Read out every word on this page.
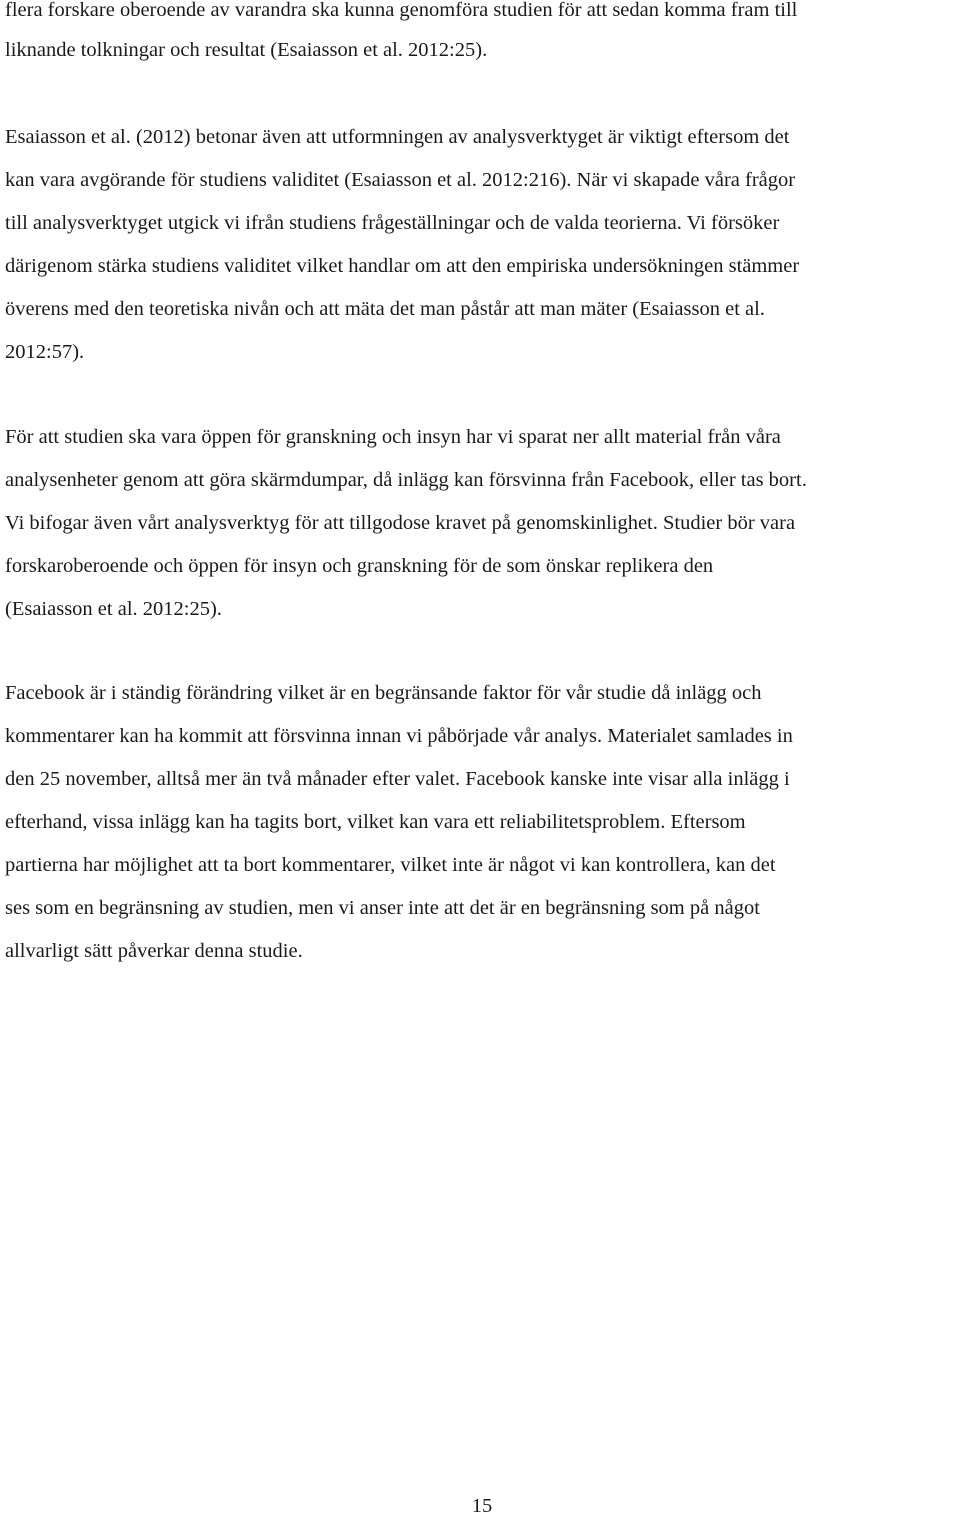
flera forskare oberoende av varandra ska kunna genomföra studien för att sedan komma fram till
liknande tolkningar och resultat (Esaiasson et al. 2012:25).

Esaiasson et al. (2012) betonar även att utformningen av analysverktyget är viktigt eftersom det
kan vara avgörande för studiens validitet (Esaiasson et al. 2012:216). När vi skapade våra frågor
till analysverktyget utgick vi ifrån studiens frågeställningar och de valda teorierna. Vi försöker
därigenom stärka studiens validitet vilket handlar om att den empiriska undersökningen stämmer
överens med den teoretiska nivån och att mäta det man påstår att man mäter (Esaiasson et al.
2012:57).

För att studien ska vara öppen för granskning och insyn har vi sparat ner allt material från våra
analysenheter genom att göra skärmdumpar, då inlägg kan försvinna från Facebook, eller tas bort.
Vi bifogar även vårt analysverktyg för att tillgodose kravet på genomskinlighet. Studier bör vara
forskaroberoende och öppen för insyn och granskning för de som önskar replikera den
(Esaiasson et al. 2012:25).

Facebook är i ständig förändring vilket är en begränsande faktor för vår studie då inlägg och
kommentarer kan ha kommit att försvinna innan vi påbörjade vår analys. Materialet samlades in
den 25 november, alltså mer än två månader efter valet. Facebook kanske inte visar alla inlägg i
efterhand, vissa inlägg kan ha tagits bort, vilket kan vara ett reliabilitetsproblem. Eftersom
partierna har möjlighet att ta bort kommentarer, vilket inte är något vi kan kontrollera, kan det
ses som en begränsning av studien, men vi anser inte att det är en begränsning som på något
allvarligt sätt påverkar denna studie.

15
